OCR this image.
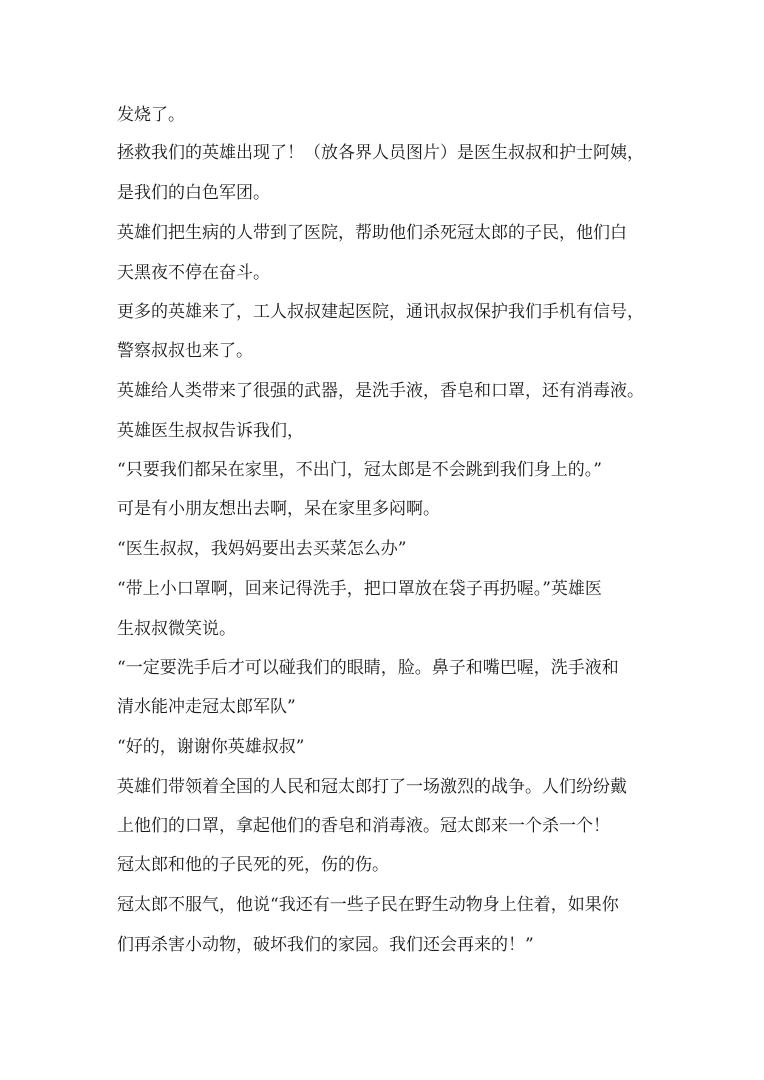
发烧了。

拯救我们的英雄出现了！（放各界人员图片）是医生叔叔和护士阿姨，

是我们的白色军团。

英雄们把生病的人带到了医院，帮助他们杀死冠太郎的子民，他们白

天黑夜不停在奋斗。

更多的英雄来了，工人叔叔建起医院，通讯叔叔保护我们手机有信号，

警察叔叔也来了。

英雄给人类带来了很强的武器，是洗手液，香皂和口罩，还有消毒液。

英雄医生叔叔告诉我们，

“只要我们都呆在家里，不出门，冠太郎是不会跳到我们身上的。”

可是有小朋友想出去啊，呆在家里多闷啊。

“医生叔叔，我妈妈要出去买菜怎么办”

“带上小口罩啊，回来记得洗手，把口罩放在袋子再扔喔。”英雄医

生叔叔微笑说。

“一定要洗手后才可以碰我们的眼睛，脸。鼻子和嘴巴喔，洗手液和

清水能冲走冠太郎军队”

“好的，谢谢你英雄叔叔”

英雄们带领着全国的人民和冠太郎打了一场激烈的战争。人们纷纷戴

上他们的口罩，拿起他们的香皂和消毒液。冠太郎来一个杀一个！

冠太郎和他的子民死的死，伤的伤。

冠太郎不服气，他说“我还有一些子民在野生动物身上住着，如果你

们再杀害小动物，破坏我们的家园。我们还会再来的！”
